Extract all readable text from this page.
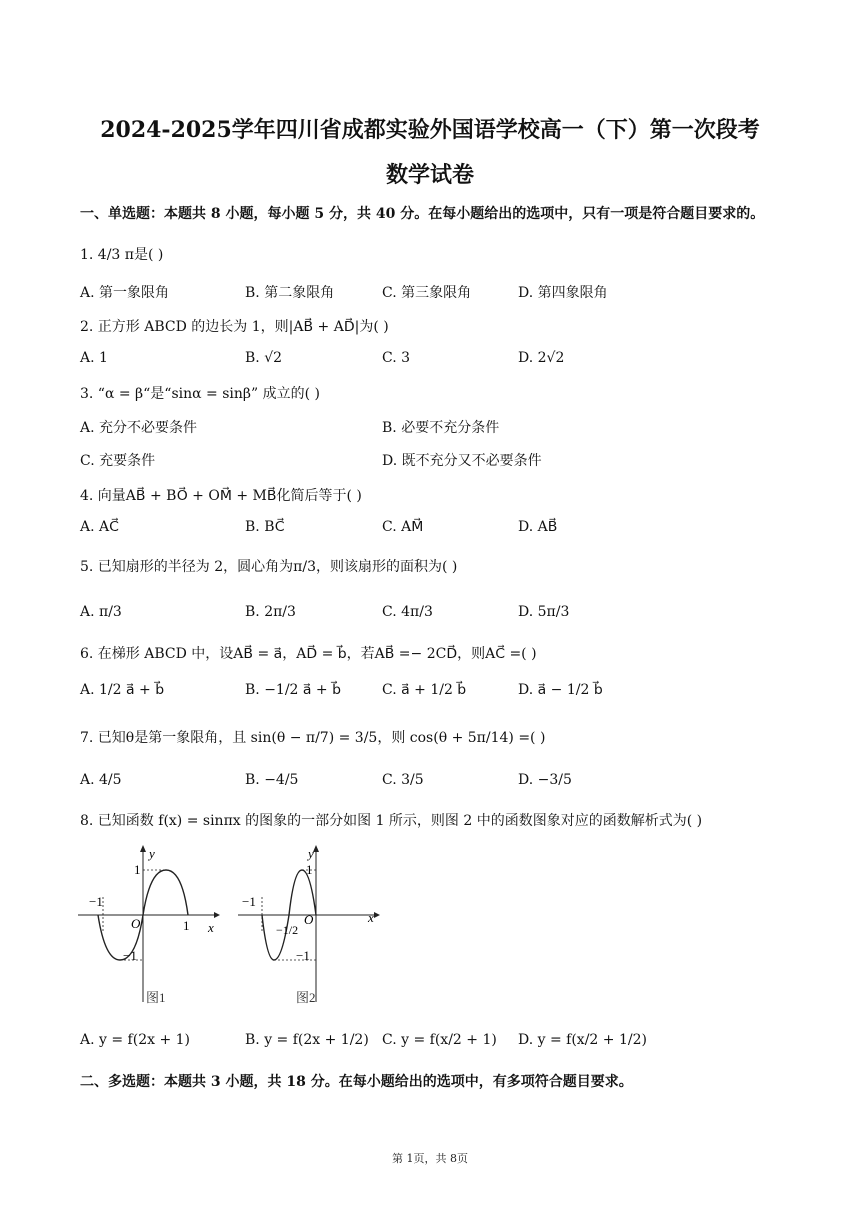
2024-2025学年四川省成都实验外国语学校高一（下）第一次段考
数学试卷
一、单选题：本题共 8 小题，每小题 5 分，共 40 分。在每小题给出的选项中，只有一项是符合题目要求的。
1. 4/3 π是( )
A. 第一象限角	B. 第二象限角	C. 第三象限角	D. 第四象限角
2. 正方形 ABCD 的边长为 1，则|AB⃗ + AD⃗|为( )
A. 1	B. √2	C. 3	D. 2√2
3. “α = β“是“sinα = sinβ” 成立的( )
A. 充分不必要条件	B. 必要不充分条件
C. 充要条件	D. 既不充分又不必要条件
4. 向量AB⃗ + BO⃗ + OM⃗ + MB⃗化简后等于( )
A. AC⃗	B. BC⃗	C. AM⃗	D. AB⃗
5. 已知扇形的半径为 2，圆心角为π/3，则该扇形的面积为( )
A. π/3	B. 2π/3	C. 4π/3	D. 5π/3
6. 在梯形 ABCD 中，设AB⃗ = a⃗，AD⃗ = b⃗，若AB⃗ =− 2CD⃗，则AC⃗ =( )
A. 1/2 a⃗ + b⃗	B. −1/2 a⃗ + b⃗	C. a⃗ + 1/2 b⃗	D. a⃗ − 1/2 b⃗
7. 已知θ是第一象限角，且 sin(θ − π/7) = 3/5，则 cos(θ + 5π/14) =( )
A. 4/5	B. −4/5	C. 3/5	D. −3/5
8. 已知函数 f(x) = sinπx 的图象的一部分如图 1 所示，则图 2 中的函数图象对应的函数解析式为( )
y
x
O
1
−1
−1
1
图1
y
x
O
1
−1
−1
−1/2
图2
A. y = f(2x + 1)	B. y = f(2x + 1/2) C. y = f(x/2 + 1) D. y = f(x/2 + 1/2)
二、多选题：本题共 3 小题，共 18 分。在每小题给出的选项中，有多项符合题目要求。
第 1页，共 8页
